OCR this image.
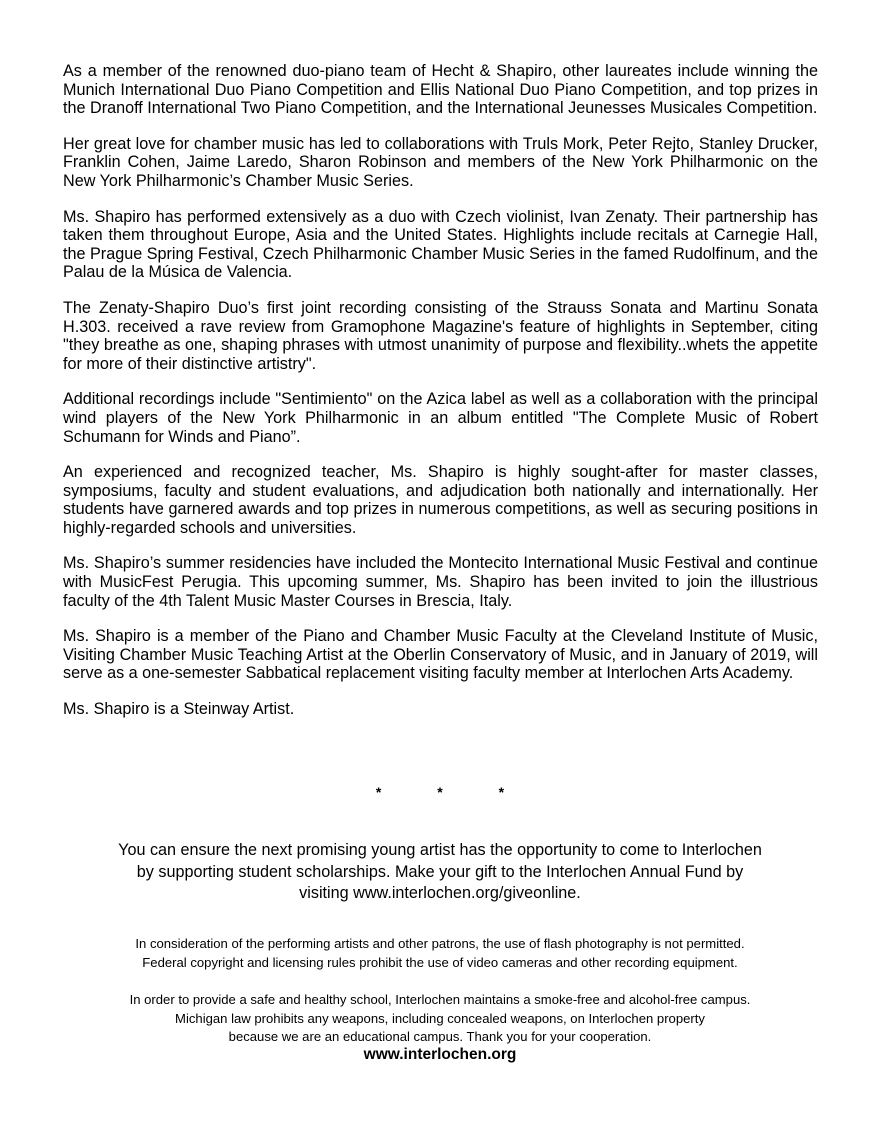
As a member of the renowned duo-piano team of Hecht & Shapiro, other laureates include winning the Munich International Duo Piano Competition and Ellis National Duo Piano Competition, and top prizes in the Dranoff International Two Piano Competition, and the International Jeunesses Musicales Competition.

Her great love for chamber music has led to collaborations with Truls Mork, Peter Rejto, Stanley Drucker, Franklin Cohen, Jaime Laredo, Sharon Robinson and members of the New York Philharmonic on the New York Philharmonic’s Chamber Music Series.

Ms. Shapiro has performed extensively as a duo with Czech violinist, Ivan Zenaty. Their partnership has taken them throughout Europe, Asia and the United States. Highlights include recitals at Carnegie Hall, the Prague Spring Festival, Czech Philharmonic Chamber Music Series in the famed Rudolfinum, and the Palau de la Música de Valencia.

The Zenaty-Shapiro Duo’s first joint recording consisting of the Strauss Sonata and Martinu Sonata H.303. received a rave review from Gramophone Magazine's feature of highlights in September, citing "they breathe as one, shaping phrases with utmost unanimity of purpose and flexibility..whets the appetite for more of their distinctive artistry".

Additional recordings include "Sentimiento" on the Azica label as well as a collaboration with the principal wind players of the New York Philharmonic in an album entitled "The Complete Music of Robert Schumann for Winds and Piano”.

An experienced and recognized teacher, Ms. Shapiro is highly sought-after for master classes, symposiums, faculty and student evaluations, and adjudication both nationally and internationally. Her students have garnered awards and top prizes in numerous competitions, as well as securing positions in highly-regarded schools and universities.

Ms. Shapiro’s summer residencies have included the Montecito International Music Festival and continue with MusicFest Perugia. This upcoming summer, Ms. Shapiro has been invited to join the illustrious faculty of the 4th Talent Music Master Courses in Brescia, Italy.

Ms. Shapiro is a member of the Piano and Chamber Music Faculty at the Cleveland Institute of Music, Visiting Chamber Music Teaching Artist at the Oberlin Conservatory of Music, and in January of 2019, will serve as a one-semester Sabbatical replacement visiting faculty member at Interlochen Arts Academy.

Ms. Shapiro is a Steinway Artist.

*	*	*
You can ensure the next promising young artist has the opportunity to come to Interlochen
by supporting student scholarships. Make your gift to the Interlochen Annual Fund by
visiting www.interlochen.org/giveonline.
In consideration of the performing artists and other patrons, the use of flash photography is not permitted.
Federal copyright and licensing rules prohibit the use of video cameras and other recording equipment.
In order to provide a safe and healthy school, Interlochen maintains a smoke-free and alcohol-free campus.
Michigan law prohibits any weapons, including concealed weapons, on Interlochen property
because we are an educational campus. Thank you for your cooperation.
www.interlochen.org
